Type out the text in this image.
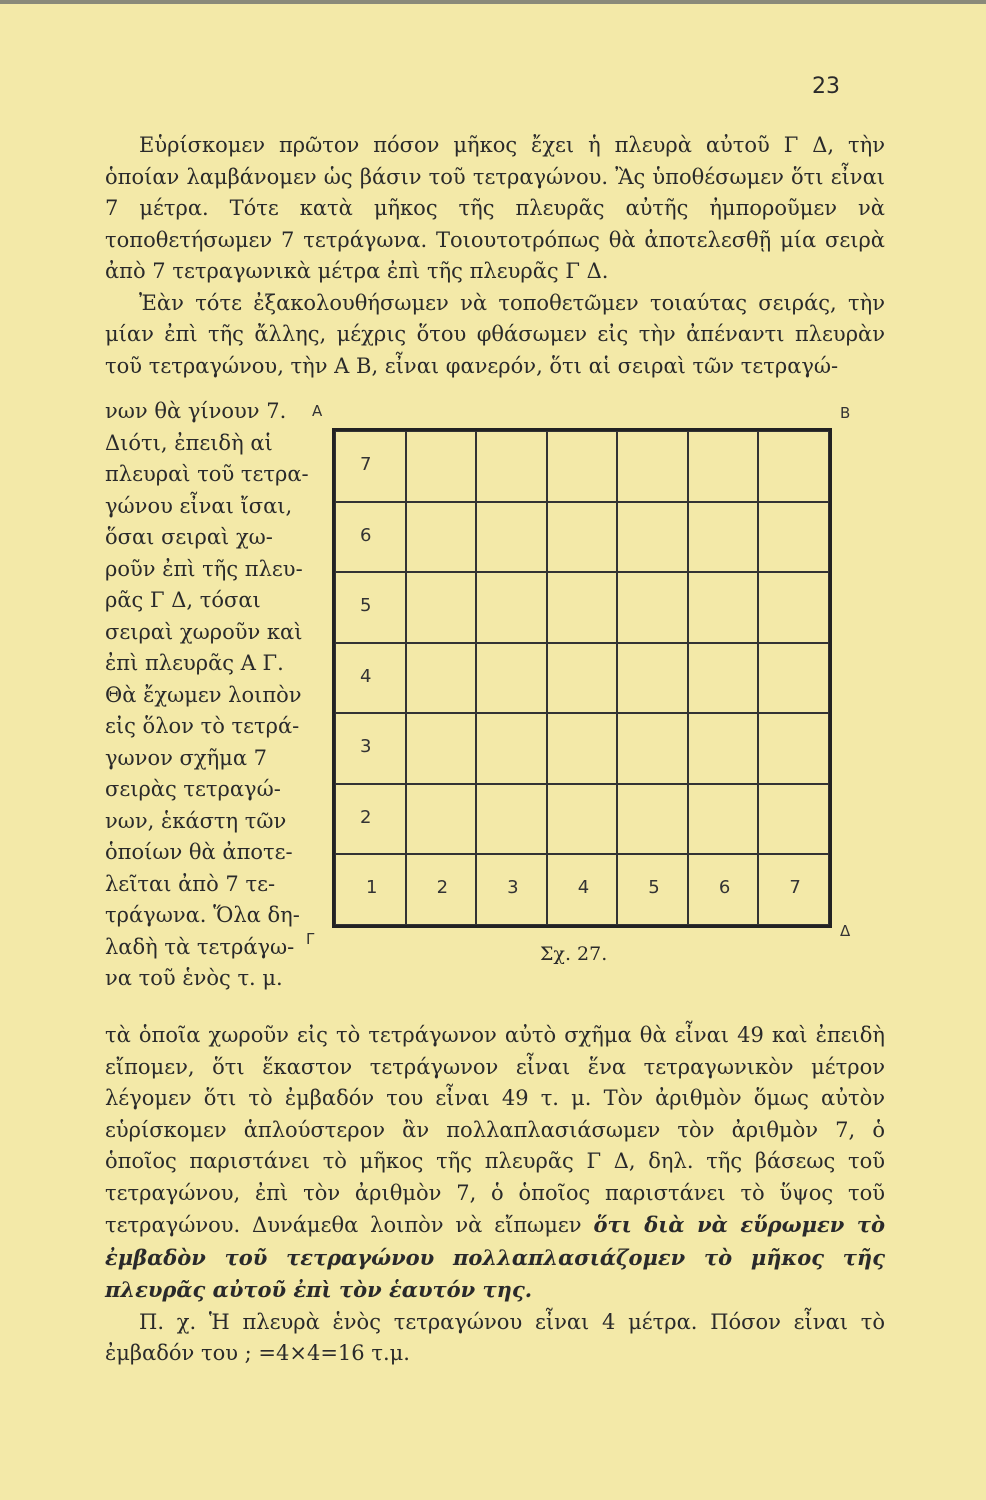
23

Εὑρίσκομεν πρῶτον πόσον μῆκος ἔχει ἡ πλευρὰ αὐτοῦ Γ Δ, τὴν ὁποίαν λαμβάνομεν ὡς βάσιν τοῦ τετραγώνου. Ἂς ὑποθέσωμεν ὅτι εἶναι 7 μέτρα. Τότε κατὰ μῆκος τῆς πλευρᾶς αὐτῆς ἠμποροῦμεν νὰ τοποθετήσωμεν 7 τετράγωνα. Τοιουτοτρόπως θὰ ἀποτελεσθῇ μία σειρὰ ἀπὸ 7 τετραγωνικὰ μέτρα ἐπὶ τῆς πλευρᾶς Γ Δ.

Ἐὰν τότε ἐξακολουθήσωμεν νὰ τοποθετῶμεν τοιαύτας σειράς, τὴν μίαν ἐπὶ τῆς ἄλλης, μέχρις ὅτου φθάσωμεν εἰς τὴν ἀπέναντι πλευρὰν τοῦ τετραγώνου, τὴν Α Β, εἶναι φανερόν, ὅτι αἱ σειραὶ τῶν τετραγώ-

νων θὰ γίνουν 7.
Διότι, ἐπειδὴ αἱ
πλευραὶ τοῦ τετρα-
γώνου εἶναι ἴσαι,
ὅσαι σειραὶ χω-
ροῦν ἐπὶ τῆς πλευ-
ρᾶς Γ Δ, τόσαι
σειραὶ χωροῦν καὶ
ἐπὶ πλευρᾶς Α Γ.
Θὰ ἔχωμεν λοιπὸν
εἰς ὅλον τὸ τετρά-
γωνον σχῆμα 7
σειρὰς τετραγώ-
νων, ἑκάστη τῶν
ὁποίων θὰ ἀποτε-
λεῖται ἀπὸ 7 τε-
τράγωνα. Ὅλα δη-
λαδὴ τὰ τετράγω-
να τοῦ ἑνὸς τ. μ.
Α	Β
Γ	Δ
7
6
5
4
3
2
1	2	3	4	5	6	7
Σχ. 27.

τὰ ὁποῖα χωροῦν εἰς τὸ τετράγωνον αὐτὸ σχῆμα θὰ εἶναι 49 καὶ ἐπειδὴ εἴπομεν, ὅτι ἕκαστον τετράγωνον εἶναι ἕνα τετραγωνικὸν μέτρον λέγομεν ὅτι τὸ ἐμβαδόν του εἶναι 49 τ. μ. Τὸν ἀριθμὸν ὅμως αὐτὸν εὑρίσκομεν ἁπλούστερον ἂν πολλαπλασιάσωμεν τὸν ἀριθμὸν 7, ὁ ὁποῖος παριστάνει τὸ μῆκος τῆς πλευρᾶς Γ Δ, δηλ. τῆς βάσεως τοῦ τετραγώνου, ἐπὶ τὸν ἀριθμὸν 7, ὁ ὁποῖος παριστάνει τὸ ὕψος τοῦ τετραγώνου. Δυνάμεθα λοιπὸν νὰ εἴπωμεν ὅτι διὰ νὰ εὕρωμεν τὸ ἐμβαδὸν τοῦ τετραγώνου πολλαπλασιάζομεν τὸ μῆκος τῆς πλευρᾶς αὐτοῦ ἐπὶ τὸν ἑαυτόν της.

Π. χ. Ἡ πλευρὰ ἑνὸς τετραγώνου εἶναι 4 μέτρα. Πόσον εἶναι τὸ ἐμβαδόν του ; =4×4=16 τ.μ.
